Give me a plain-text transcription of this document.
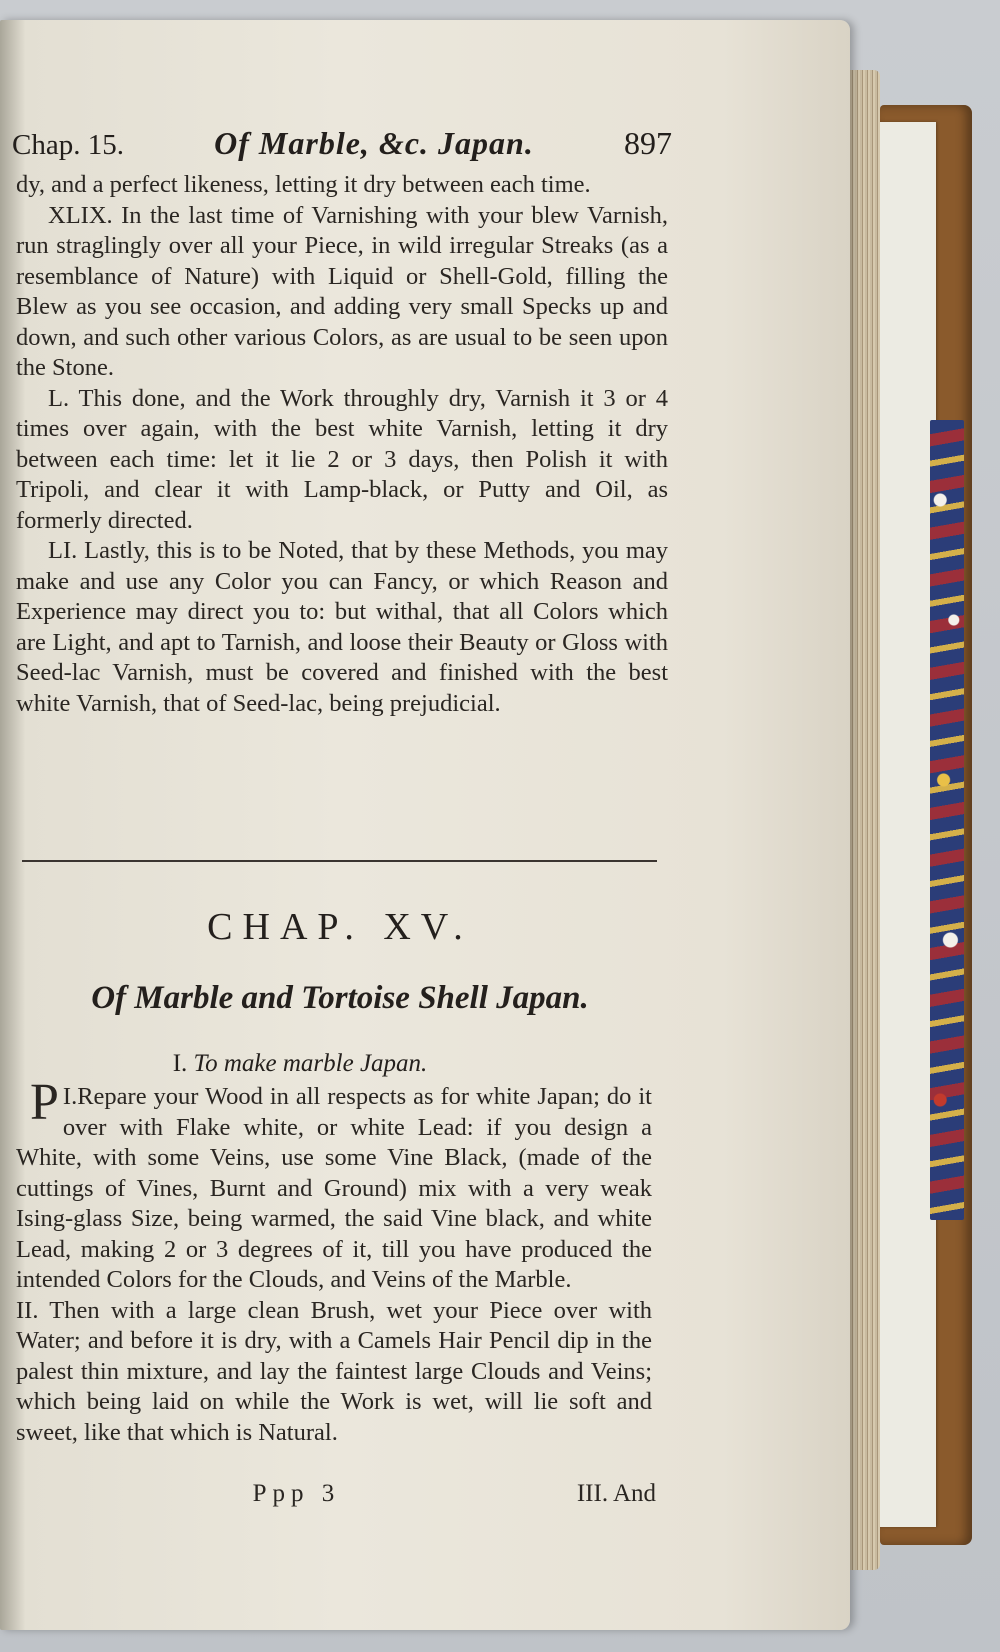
Chap. 15.	Of Marble, &c. Japan.	897

dy, and a perfect likeness, letting it dry between each time.

XLIX. In the last time of Varnishing with your blew Varnish, run straglingly over all your Piece, in wild irregular Streaks (as a resemblance of Nature) with Liquid or Shell-Gold, filling the Blew as you see occasion, and adding very small Specks up and down, and such other various Colors, as are usual to be seen upon the Stone.

L. This done, and the Work throughly dry, Varnish it 3 or 4 times over again, with the best white Varnish, letting it dry between each time: let it lie 2 or 3 days, then Polish it with Tripoli, and clear it with Lamp-black, or Putty and Oil, as formerly directed.

LI. Lastly, this is to be Noted, that by these Methods, you may make and use any Color you can Fancy, or which Reason and Experience may direct you to: but withal, that all Colors which are Light, and apt to Tarnish, and loose their Beauty or Gloss with Seed-lac Varnish, must be covered and finished with the best white Varnish, that of Seed-lac, being prejudicial.

CHAP. XV.
Of Marble and Tortoise Shell Japan.
I. To make marble Japan.

I.
P Repare your Wood in all respects as for white Japan; do it over with Flake white, or white Lead: if you design a White, with some Veins, use some Vine Black, (made of the cuttings of Vines, Burnt and Ground) mix with a very weak Ising-glass Size, being warmed, the said Vine black, and white Lead, making 2 or 3 degrees of it, till you have produced the intended Colors for the Clouds, and Veins of the Marble.

II. Then with a large clean Brush, wet your Piece over with Water; and before it is dry, with a Camels Hair Pencil dip in the palest thin mixture, and lay the faintest large Clouds and Veins; which being laid on while the Work is wet, will lie soft and sweet, like that which is Natural.

Ppp 3	III. And
